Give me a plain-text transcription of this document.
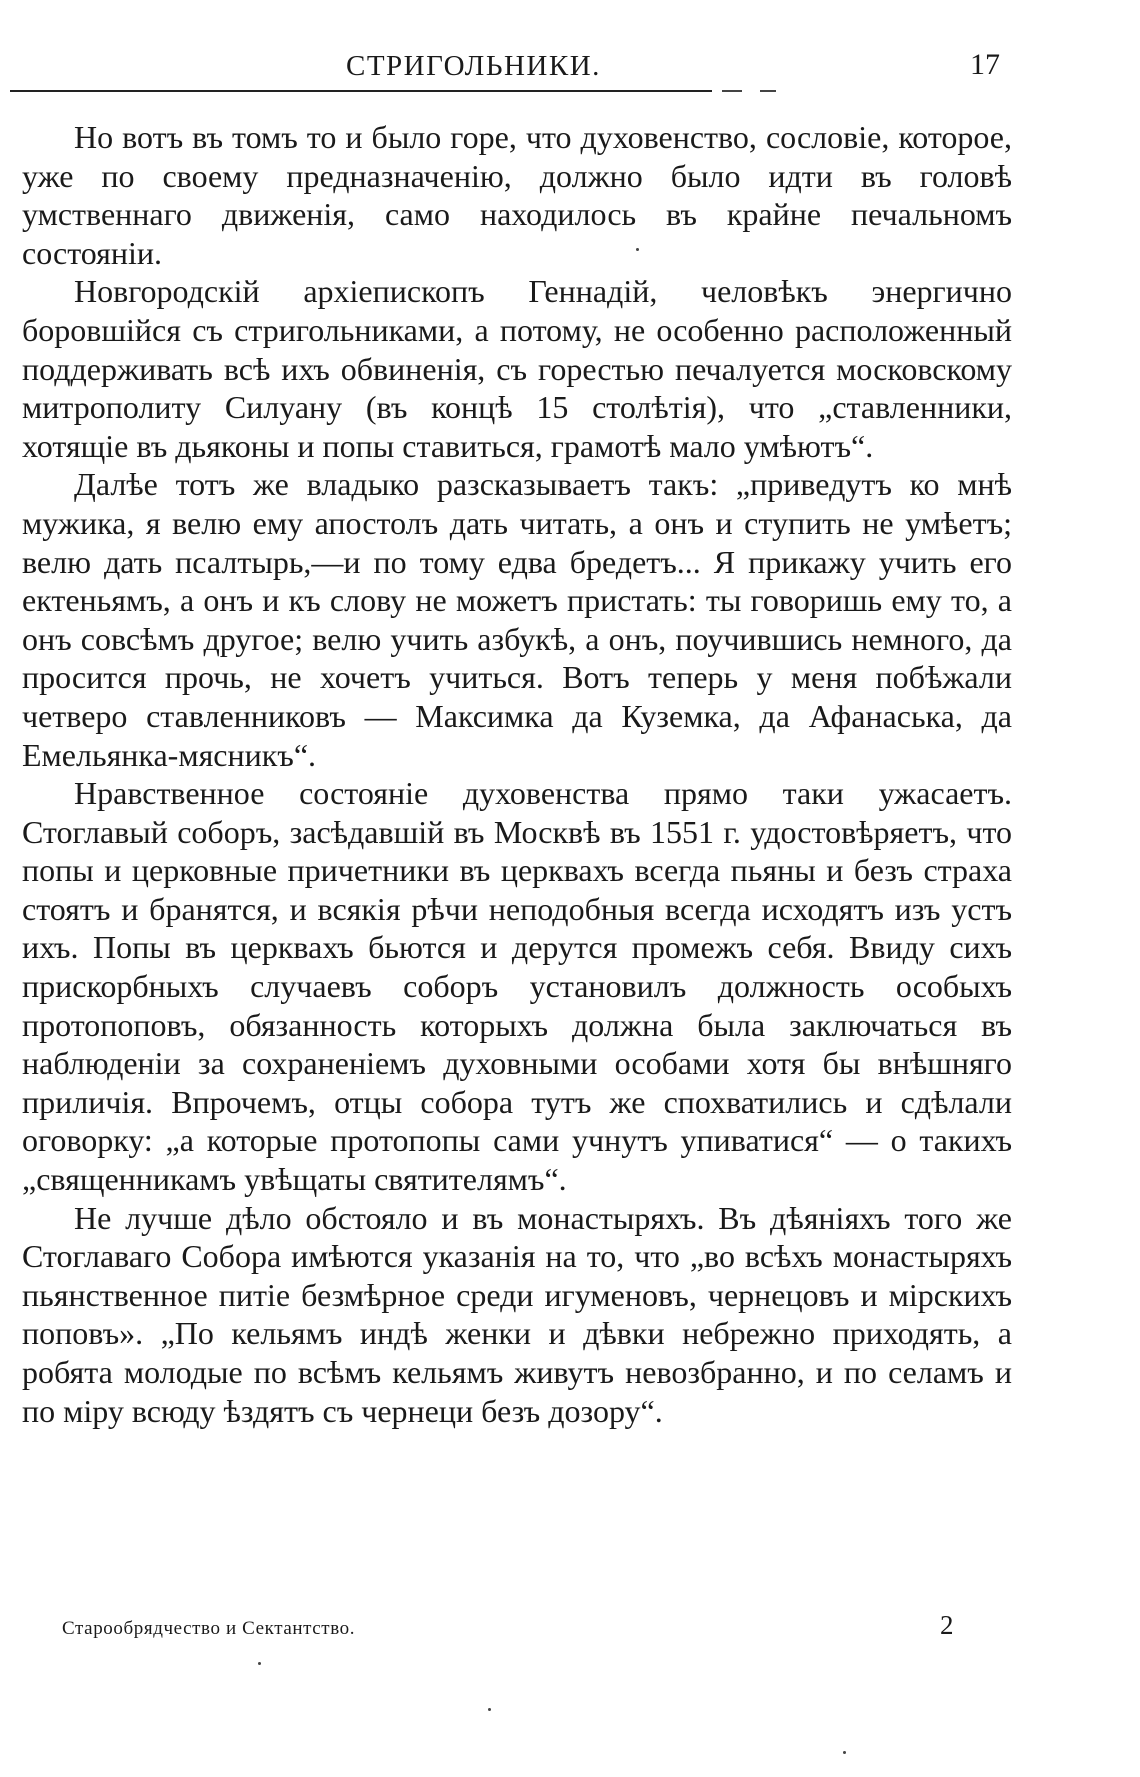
СТРИГОЛЬНИКИ.	17

Но вотъ въ томъ то и было горе, что духовенство, сословіе, которое, уже по своему предназначенію, должно было идти въ головѣ умственнаго движенія, само находилось въ крайне печальномъ состояніи.

Новгородскій архіепископъ Геннадій, человѣкъ энергично боровшійся съ стригольниками, а потому, не особенно расположенный поддерживать всѣ ихъ обвиненія, съ горестью печалуется московскому митрополиту Силуану (въ концѣ 15 столѣтія), что „ставленники, хотящіе въ дьяконы и попы ставиться, грамотѣ мало умѣютъ“.

Далѣе тотъ же владыко разсказываетъ такъ: „приведутъ ко мнѣ мужика, я велю ему апостолъ дать читать, а онъ и ступить не умѣетъ; велю дать псалтырь,—и по тому едва бредетъ... Я прикажу учить его ектеньямъ, а онъ и къ слову не можетъ пристать: ты говоришь ему то, а онъ совсѣмъ другое; велю учить азбукѣ, а онъ, поучившись немного, да просится прочь, не хочетъ учиться. Вотъ теперь у меня побѣжали четверо ставленниковъ — Максимка да Куземка, да Афанаська, да Емельянка-мясникъ“.

Нравственное состояніе духовенства прямо таки ужасаетъ. Стоглавый соборъ, засѣдавшій въ Москвѣ въ 1551 г. удостовѣряетъ, что попы и церковные причетники въ церквахъ всегда пьяны и безъ страха стоятъ и бранятся, и всякія рѣчи неподобныя всегда исходятъ изъ устъ ихъ. Попы въ церквахъ бьются и дерутся промежъ себя. Ввиду сихъ прискорбныхъ случаевъ соборъ установилъ должность особыхъ протопоповъ, обязанность которыхъ должна была заключаться въ наблюденіи за сохраненіемъ духовными особами хотя бы внѣшняго приличія. Впрочемъ, отцы собора тутъ же спохватились и сдѣлали оговорку: „а которые протопопы сами учнутъ упиватися“ — о такихъ „священникамъ увѣщаты святителямъ“.

Не лучше дѣло обстояло и въ монастыряхъ. Въ дѣяніяхъ того же Стоглаваго Собора имѣются указанія на то, что „во всѣхъ монастыряхъ пьянственное питіе безмѣрное среди игуменовъ, чернецовъ и мірскихъ поповъ». „По кельямъ индѣ женки и дѣвки небрежно приходять, а робята молодые по всѣмъ кельямъ живутъ невозбранно, и по селамъ и по міру всюду ѣздятъ съ чернеци безъ дозору“.

Старообрядчество и Сектантство.	2
